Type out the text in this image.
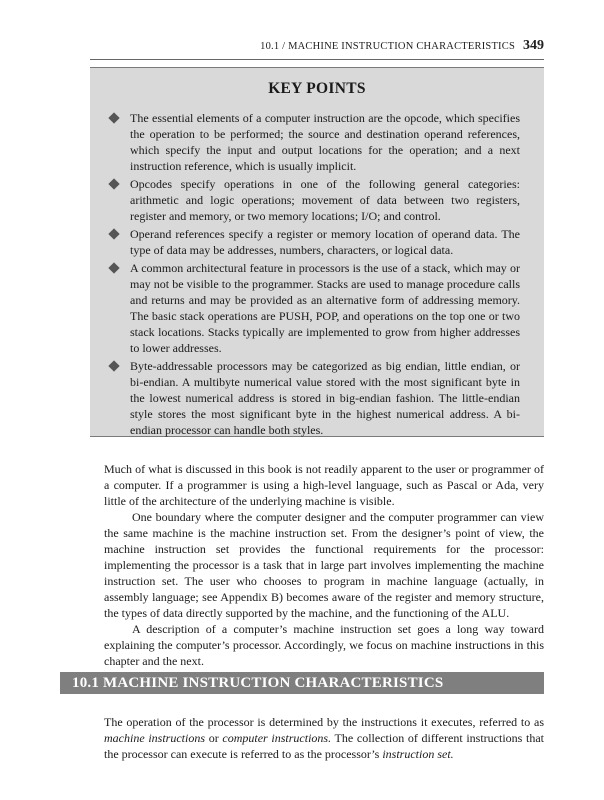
10.1 / MACHINE INSTRUCTION CHARACTERISTICS 349
KEY POINTS
The essential elements of a computer instruction are the opcode, which specifies the operation to be performed; the source and destination operand references, which specify the input and output locations for the operation; and a next instruction reference, which is usually implicit.
Opcodes specify operations in one of the following general categories: arithmetic and logic operations; movement of data between two registers, register and memory, or two memory locations; I/O; and control.
Operand references specify a register or memory location of operand data. The type of data may be addresses, numbers, characters, or logical data.
A common architectural feature in processors is the use of a stack, which may or may not be visible to the programmer. Stacks are used to manage procedure calls and returns and may be provided as an alternative form of addressing memory. The basic stack operations are PUSH, POP, and operations on the top one or two stack locations. Stacks typically are implemented to grow from higher addresses to lower addresses.
Byte-addressable processors may be categorized as big endian, little endian, or bi-endian. A multibyte numerical value stored with the most significant byte in the lowest numerical address is stored in big-endian fashion. The little-endian style stores the most significant byte in the highest numerical address. A bi-endian processor can handle both styles.

Much of what is discussed in this book is not readily apparent to the user or programmer of a computer. If a programmer is using a high-level language, such as Pascal or Ada, very little of the architecture of the underlying machine is visible.

One boundary where the computer designer and the computer programmer can view the same machine is the machine instruction set. From the designer’s point of view, the machine instruction set provides the functional requirements for the processor: implementing the processor is a task that in large part involves implementing the machine instruction set. The user who chooses to program in machine language (actually, in assembly language; see Appendix B) becomes aware of the register and memory structure, the types of data directly supported by the machine, and the functioning of the ALU.

A description of a computer’s machine instruction set goes a long way toward explaining the computer’s processor. Accordingly, we focus on machine instructions in this chapter and the next.

10.1 MACHINE INSTRUCTION CHARACTERISTICS

The operation of the processor is determined by the instructions it executes, referred to as machine instructions or computer instructions. The collection of different instructions that the processor can execute is referred to as the processor’s instruction set.
